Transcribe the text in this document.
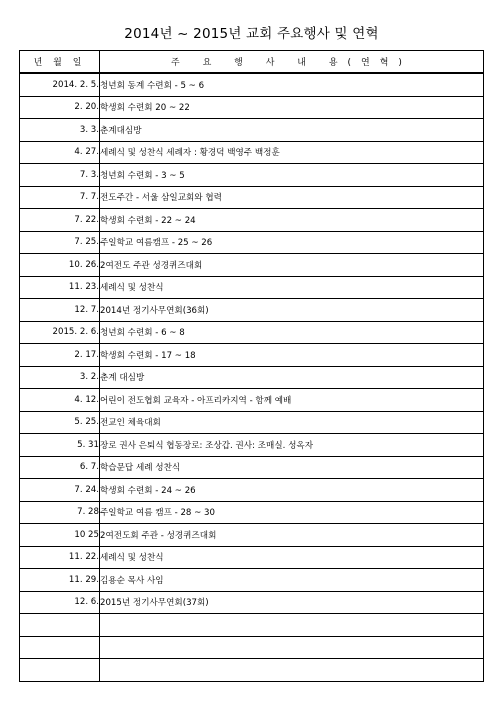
2014년 ~ 2015년 교회 주요행사 및 연혁
년 월 일	주 요 행 사 내 용(연혁)
2014. 2. 5.	청년회 동계 수련회 - 5 ~ 6
2. 20.	학생회 수련회 20 ~ 22
3. 3.	춘계대심방
4. 27.	세례식 및 성찬식 세례자 : 황경덕 백영주 백정훈
7. 3.	청년회 수련회 - 3 ~ 5
7. 7.	전도주간 - 서울 삼일교회와 협력
7. 22.	학생회 수련회 - 22 ~ 24
7. 25.	주일학교 여름캠프 - 25 ~ 26
10. 26.	2여전도 주관 성경퀴즈대회
11. 23.	세례식 및 성찬식
12. 7.	2014년 정기사무연회(36회)
2015. 2. 6.	청년회 수련회 - 6 ~ 8
2. 17.	학생회 수련회 - 17 ~ 18
3. 2.	춘계 대심방
4. 12.	어린이 전도협회 교육자 - 아프리카지역 - 함께 예배
5. 25.	전교인 체육대회
5. 31	장로 권사 은퇴식 협동장로: 조상갑. 권사: 조매실. 성옥자
6. 7.	학습문답 세례 성찬식
7. 24.	학생회 수련회 - 24 ~ 26
7. 28	주일학교 여름 캠프 - 28 ~ 30
10 25	2여전도회 주관 - 성경퀴즈대회
11. 22.	세례식 및 성찬식
11. 29.	김용순 목사 사임
12. 6.	2015년 정기사무연회(37회)
